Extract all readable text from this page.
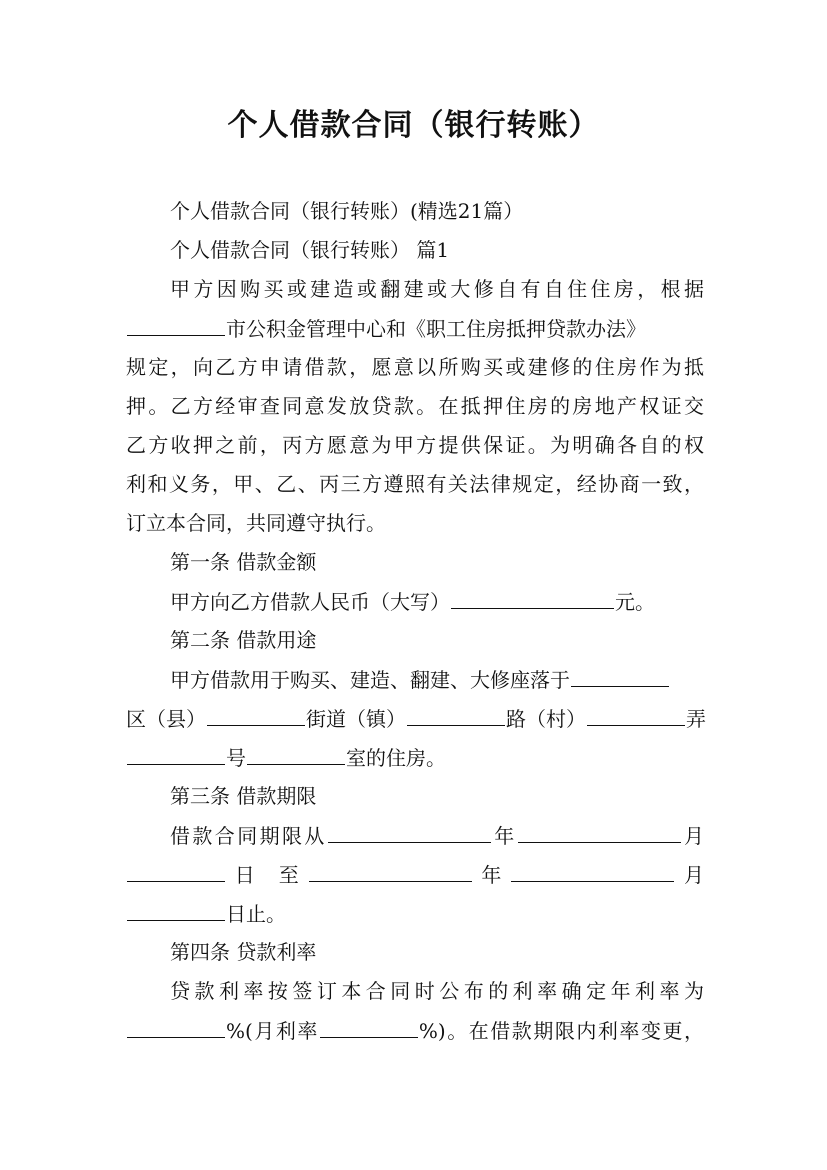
个人借款合同（银行转账）

个人借款合同（银行转账）(精选21篇）

个人借款合同（银行转账） 篇1

甲方因购买或建造或翻建或大修自有自住住房，根据

市公积金管理中心和《职工住房抵押贷款办法》

规定，向乙方申请借款，愿意以所购买或建修的住房作为抵

押。乙方经审查同意发放贷款。在抵押住房的房地产权证交

乙方收押之前，丙方愿意为甲方提供保证。为明确各自的权

利和义务，甲、乙、丙三方遵照有关法律规定，经协商一致，

订立本合同，共同遵守执行。

第一条 借款金额

甲方向乙方借款人民币（大写）	元。

第二条 借款用途

甲方借款用于购买、建造、翻建、大修座落于

区（县）	街道（镇）	路（村）	弄

号	室的住房。

第三条 借款期限

借款合同期限从	年	月

日 至	年	月

日止。

第四条 贷款利率

贷款利率按签订本合同时公布的利率确定年利率为

%(月利率	%)。在借款期限内利率变更，
